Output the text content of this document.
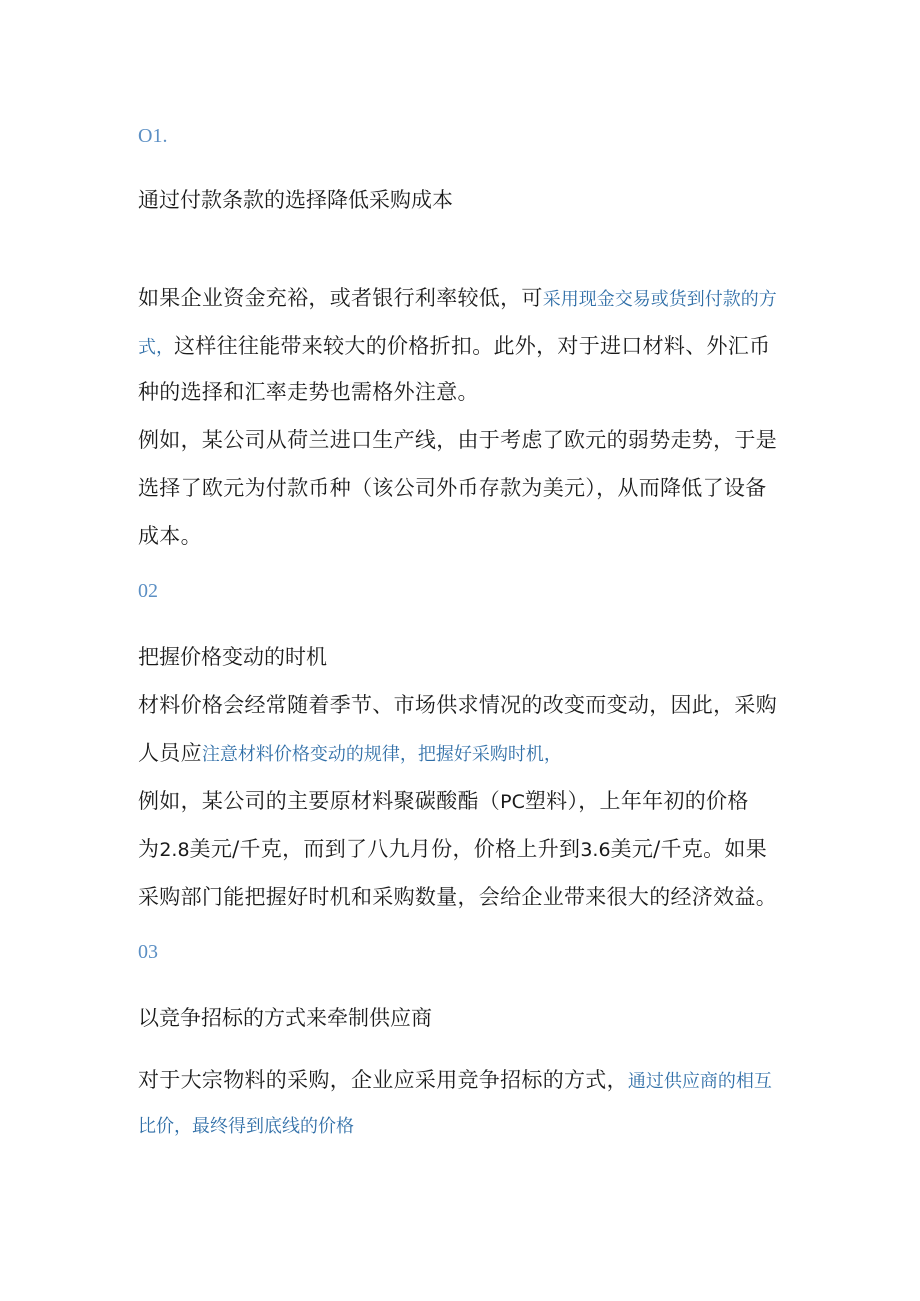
O1.
通过付款条款的选择降低采购成本
如果企业资金充裕，或者银行利率较低，可采用现金交易或货到付款的方
式，这样往往能带来较大的价格折扣。此外，对于进口材料、外汇币
种的选择和汇率走势也需格外注意。
例如，某公司从荷兰进口生产线，由于考虑了欧元的弱势走势，于是
选择了欧元为付款币种（该公司外币存款为美元），从而降低了设备
成本。
02
把握价格变动的时机
材料价格会经常随着季节、市场供求情况的改变而变动，因此，采购
人员应注意材料价格变动的规律，把握好采购时机，
例如，某公司的主要原材料聚碳酸酯（PC塑料），上年年初的价格
为2.8美元/千克，而到了八九月份，价格上升到3.6美元/千克。如果
采购部门能把握好时机和采购数量，会给企业带来很大的经济效益。
03
以竞争招标的方式来牵制供应商
对于大宗物料的采购，企业应采用竞争招标的方式，通过供应商的相互
比价，最终得到底线的价格
